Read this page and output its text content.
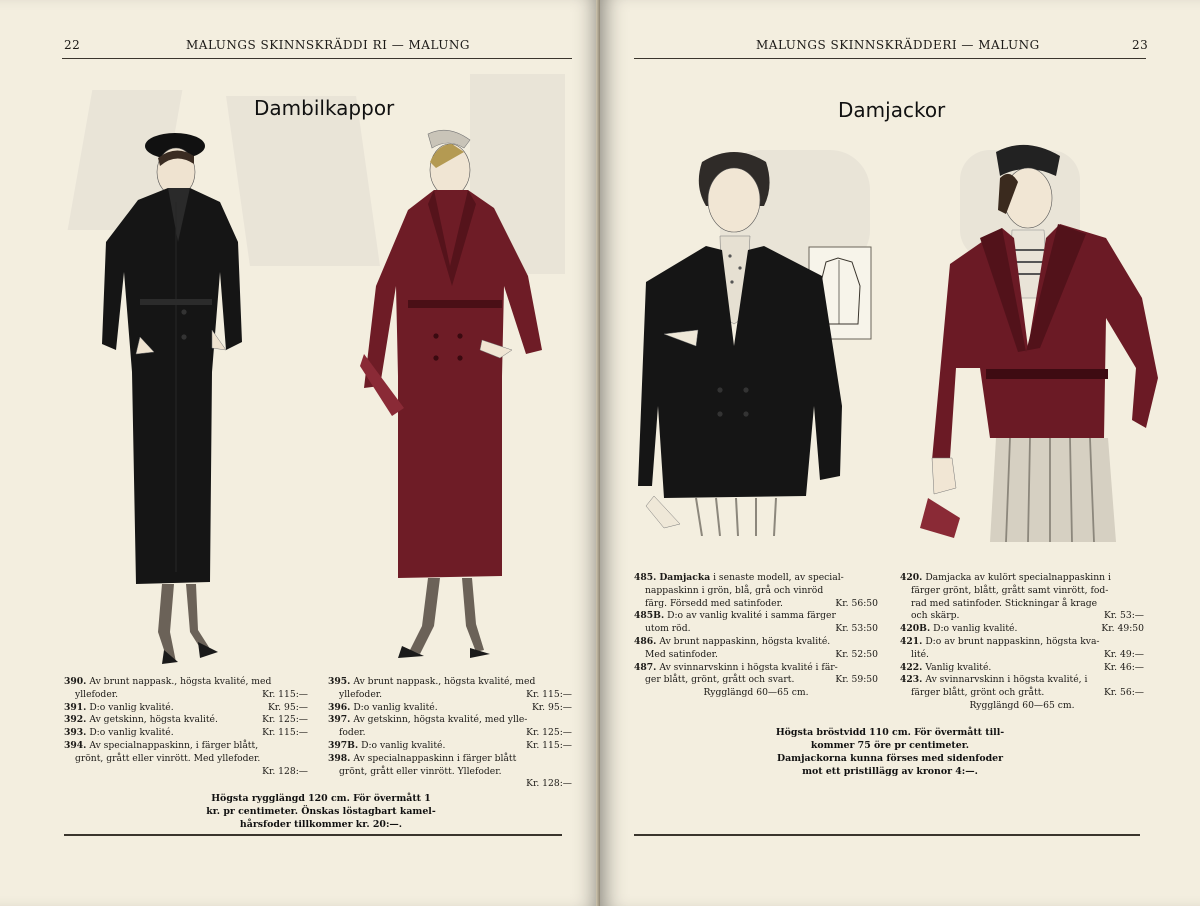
22	MALUNGS SKINNSKRÄDDI RI — MALUNG
Dambilkappor
390. Av brunt nappask., högsta kvalité, med
yllefoder.	Kr. 115:—
391. D:o vanlig kvalité.	Kr. 95:—
392. Av getskinn, högsta kvalité.	Kr. 125:—
393. D:o vanlig kvalité.	Kr. 115:—
394. Av specialnappaskinn, i färger blått,
grönt, grått eller vinrött. Med yllefoder.
Kr. 128:—
395. Av brunt nappask., högsta kvalité, med
yllefoder.	Kr. 115:—
396. D:o vanlig kvalité.	Kr. 95:—
397. Av getskinn, högsta kvalité, med ylle-
foder.	Kr. 125:—
397B. D:o vanlig kvalité.	Kr. 115:—
398. Av specialnappaskinn i färger blått
grönt, grått eller vinrött. Yllefoder.
Kr. 128:—
Högsta rygglängd 120 cm. För övermått 1
kr. pr centimeter. Önskas löstagbart kamel-
hårsfoder tillkommer kr. 20:—.
MALUNGS SKINNSKRÄDDERI — MALUNG	23
Damjackor
485. Damjacka i senaste modell, av special-
nappaskinn i grön, blå, grå och vinröd
färg. Försedd med satinfoder.	Kr. 56:50
485B. D:o av vanlig kvalité i samma färger
utom röd.	Kr. 53:50
486. Av brunt nappaskinn, högsta kvalité.
Med satinfoder.	Kr. 52:50
487. Av svinnarvskinn i högsta kvalité i fär-
ger blått, grönt, grått och svart.	Kr. 59:50
Rygglängd 60—65 cm.
420. Damjacka av kulört specialnappaskinn i
färger grönt, blått, grått samt vinrött, fod-
rad med satinfoder. Stickningar å krage
och skärp.	Kr. 53:—
420B. D:o vanlig kvalité.	Kr. 49:50
421. D:o av brunt nappaskinn, högsta kva-
lité.	Kr. 49:—
422. Vanlig kvalité.	Kr. 46:—
423. Av svinnarvskinn i högsta kvalité, i
färger blått, grönt och grått.	Kr. 56:—
Rygglängd 60—65 cm.
Högsta bröstvidd 110 cm. För övermått till-
kommer 75 öre pr centimeter.
Damjackorna kunna förses med sidenfoder
mot ett pristillägg av kronor 4:—.
